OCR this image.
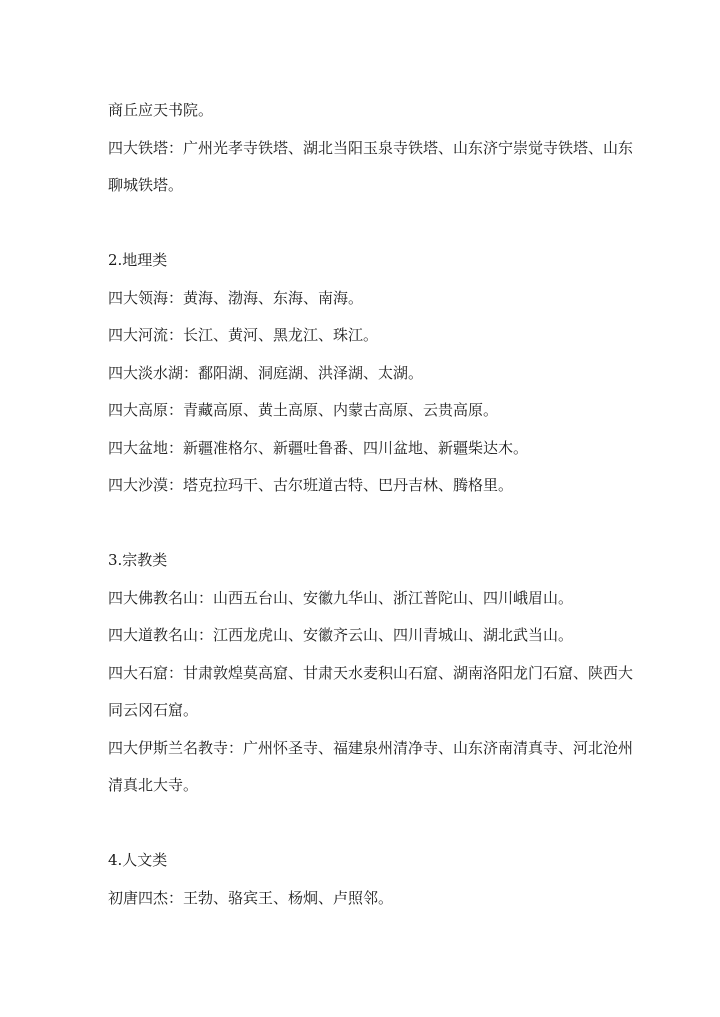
商丘应天书院。

四大铁塔：广州光孝寺铁塔、湖北当阳玉泉寺铁塔、山东济宁崇觉寺铁塔、山东

聊城铁塔。

2.地理类

四大领海：黄海、渤海、东海、南海。

四大河流：长江、黄河、黑龙江、珠江。

四大淡水湖：鄱阳湖、洞庭湖、洪泽湖、太湖。

四大高原：青藏高原、黄土高原、内蒙古高原、云贵高原。

四大盆地：新疆准格尔、新疆吐鲁番、四川盆地、新疆柴达木。

四大沙漠：塔克拉玛干、古尔班道古特、巴丹吉林、腾格里。

3.宗教类

四大佛教名山：山西五台山、安徽九华山、浙江普陀山、四川峨眉山。

四大道教名山：江西龙虎山、安徽齐云山、四川青城山、湖北武当山。

四大石窟：甘肃敦煌莫高窟、甘肃天水麦积山石窟、湖南洛阳龙门石窟、陕西大

同云冈石窟。

四大伊斯兰名教寺：广州怀圣寺、福建泉州清净寺、山东济南清真寺、河北沧州

清真北大寺。

4.人文类

初唐四杰：王勃、骆宾王、杨炯、卢照邻。
